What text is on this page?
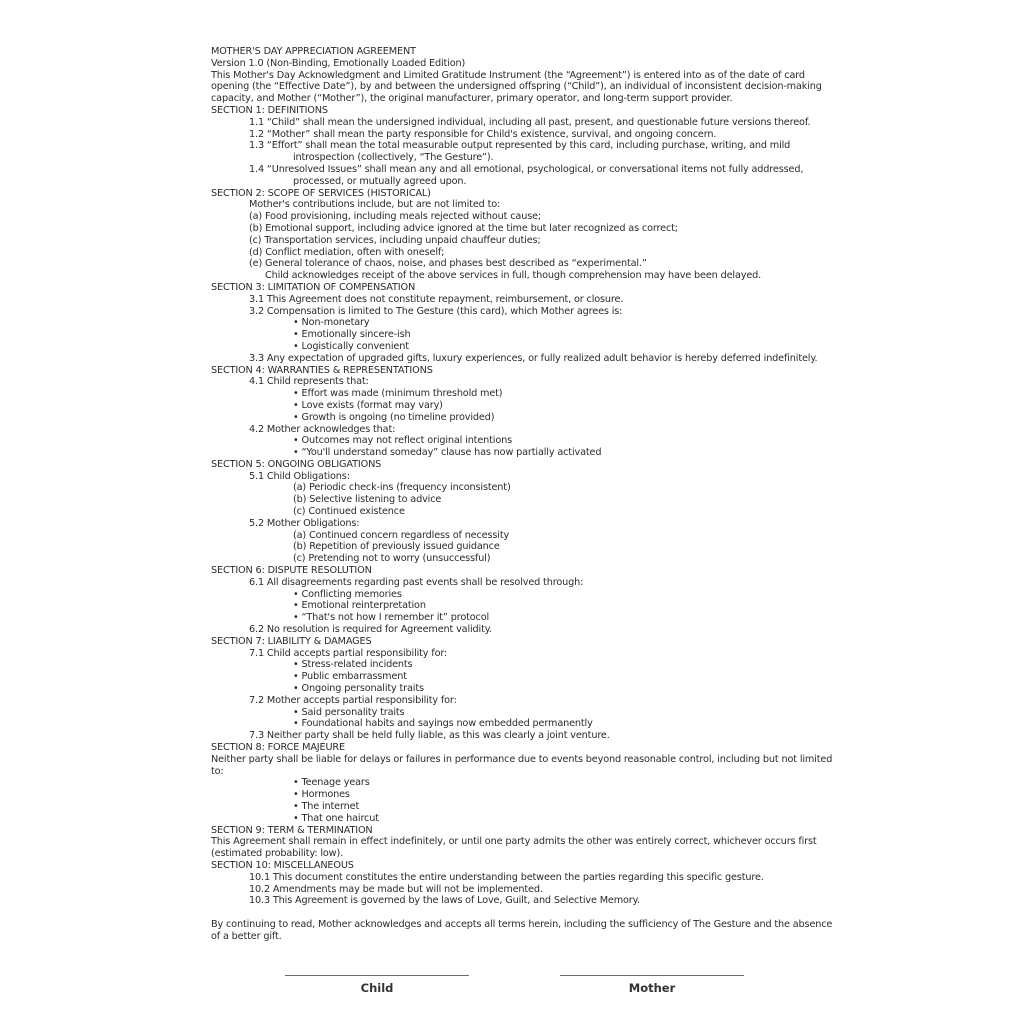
MOTHER'S DAY APPRECIATION AGREEMENT
Version 1.0 (Non-Binding, Emotionally Loaded Edition)
This Mother's Day Acknowledgment and Limited Gratitude Instrument (the “Agreement”) is entered into as of the date of card opening (the “Effective Date”), by and between the undersigned offspring (“Child”), an individual of inconsistent decision-making capacity, and Mother (“Mother”), the original manufacturer, primary operator, and long-term support provider.
SECTION 1: DEFINITIONS
1.1 “Child” shall mean the undersigned individual, including all past, present, and questionable future versions thereof.
1.2 “Mother” shall mean the party responsible for Child's existence, survival, and ongoing concern.
1.3 “Effort” shall mean the total measurable output represented by this card, including purchase, writing, and mild
introspection (collectively, “The Gesture”).
1.4 “Unresolved Issues” shall mean any and all emotional, psychological, or conversational items not fully addressed,
processed, or mutually agreed upon.
SECTION 2: SCOPE OF SERVICES (HISTORICAL)
Mother's contributions include, but are not limited to:
(a) Food provisioning, including meals rejected without cause;
(b) Emotional support, including advice ignored at the time but later recognized as correct;
(c) Transportation services, including unpaid chauffeur duties;
(d) Conflict mediation, often with oneself;
(e) General tolerance of chaos, noise, and phases best described as “experimental.”
Child acknowledges receipt of the above services in full, though comprehension may have been delayed.
SECTION 3: LIMITATION OF COMPENSATION
3.1 This Agreement does not constitute repayment, reimbursement, or closure.
3.2 Compensation is limited to The Gesture (this card), which Mother agrees is:
• Non-monetary
• Emotionally sincere-ish
• Logistically convenient
3.3 Any expectation of upgraded gifts, luxury experiences, or fully realized adult behavior is hereby deferred indefinitely.
SECTION 4: WARRANTIES & REPRESENTATIONS
4.1 Child represents that:
• Effort was made (minimum threshold met)
• Love exists (format may vary)
• Growth is ongoing (no timeline provided)
4.2 Mother acknowledges that:
• Outcomes may not reflect original intentions
• “You'll understand someday” clause has now partially activated
SECTION 5: ONGOING OBLIGATIONS
5.1 Child Obligations:
(a) Periodic check-ins (frequency inconsistent)
(b) Selective listening to advice
(c) Continued existence
5.2 Mother Obligations:
(a) Continued concern regardless of necessity
(b) Repetition of previously issued guidance
(c) Pretending not to worry (unsuccessful)
SECTION 6: DISPUTE RESOLUTION
6.1 All disagreements regarding past events shall be resolved through:
• Conflicting memories
• Emotional reinterpretation
• “That's not how I remember it” protocol
6.2 No resolution is required for Agreement validity.
SECTION 7: LIABILITY & DAMAGES
7.1 Child accepts partial responsibility for:
• Stress-related incidents
• Public embarrassment
• Ongoing personality traits
7.2 Mother accepts partial responsibility for:
• Said personality traits
• Foundational habits and sayings now embedded permanently
7.3 Neither party shall be held fully liable, as this was clearly a joint venture.
SECTION 8: FORCE MAJEURE
Neither party shall be liable for delays or failures in performance due to events beyond reasonable control, including but not limited to:
• Teenage years
• Hormones
• The internet
• That one haircut
SECTION 9: TERM & TERMINATION
This Agreement shall remain in effect indefinitely, or until one party admits the other was entirely correct, whichever occurs first (estimated probability: low).
SECTION 10: MISCELLANEOUS
10.1 This document constitutes the entire understanding between the parties regarding this specific gesture.
10.2 Amendments may be made but will not be implemented.
10.3 This Agreement is governed by the laws of Love, Guilt, and Selective Memory.
By continuing to read, Mother acknowledges and accepts all terms herein, including the sufficiency of The Gesture and the absence of a better gift.
Child	Mother
